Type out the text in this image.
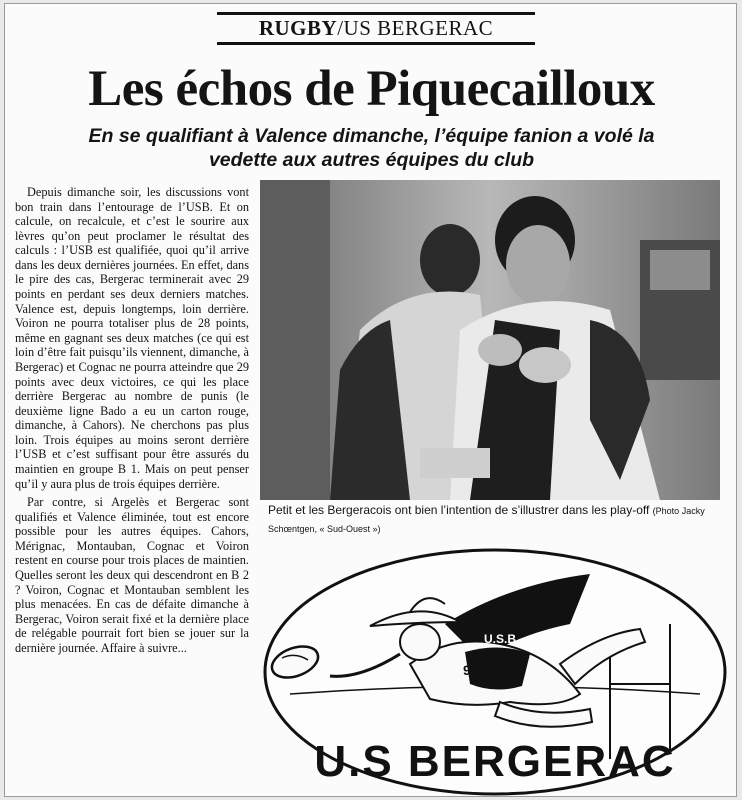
RUGBY/US BERGERAC
Les échos de Piquecailloux
En se qualifiant à Valence dimanche, l’équipe fanion a volé la
vedette aux autres équipes du club

Depuis dimanche soir, les discussions vont bon train dans l’entourage de l’USB. Et on calcule, on recalcule, et c’est le sourire aux lèvres qu’on peut proclamer le résultat des calculs : l’USB est qualifiée, quoi qu’il arrive dans les deux dernières journées. En effet, dans le pire des cas, Bergerac terminerait avec 29 points en perdant ses deux derniers matches. Valence est, depuis longtemps, loin derrière. Voiron ne pourra totaliser plus de 28 points, même en gagnant ses deux matches (ce qui est loin d’être fait puisqu’ils viennent, dimanche, à Bergerac) et Cognac ne pourra atteindre que 29 points avec deux victoires, ce qui les place derrière Bergerac au nombre de punis (le deuxième ligne Bado a eu un carton rouge, dimanche, à Cahors). Ne cherchons pas plus loin. Trois équipes au moins seront derrière l’USB et c’est suffisant pour être assurés du maintien en groupe B 1. Mais on peut penser qu’il y aura plus de trois équipes derrière.

Par contre, si Argelès et Bergerac sont qualifiés et Valence éliminée, tout est encore possible pour les autres équipes. Cahors, Mérignac, Montauban, Cognac et Voiron restent en course pour trois places de maintien. Quelles seront les deux qui descendront en B 2 ? Voiron, Cognac et Montauban semblent les plus menacées. En cas de défaite dimanche à Bergerac, Voiron serait fixé et la dernière place de relégable pourrait fort bien se jouer sur la dernière journée. Affaire à suivre...

Petit et les Bergeracois ont bien l’intention de s’illustrer dans les play-off (Photo Jacky Schœntgen, « Sud-Ouest »)
U.S.B
9
U.S BERGERAC
